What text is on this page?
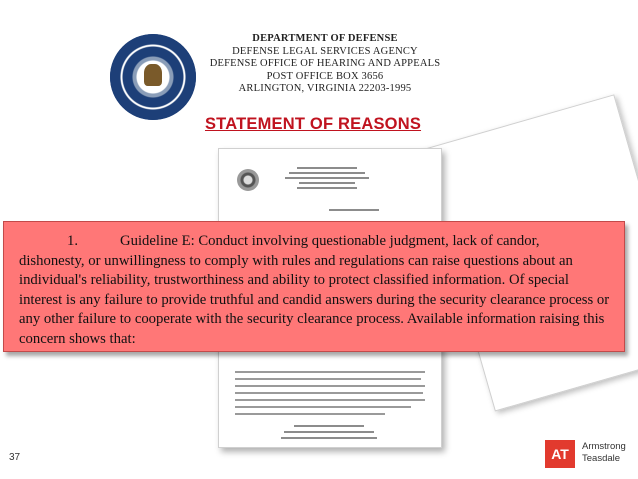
DEPARTMENT OF DEFENSE
DEFENSE LEGAL SERVICES AGENCY
DEFENSE OFFICE OF HEARING AND APPEALS
POST OFFICE BOX 3656
ARLINGTON, VIRGINIA 22203-1995
STATEMENT OF REASONS
1.	Guideline E: Conduct involving questionable judgment, lack of candor,
dishonesty, or unwillingness to comply with rules and regulations can raise questions about an individual's reliability, trustworthiness and ability to protect classified information. Of special interest is any failure to provide truthful and candid answers during the security clearance process or any other failure to cooperate with the security clearance process. Available information raising this concern shows that:
37	AT	Armstrong
Teasdale
